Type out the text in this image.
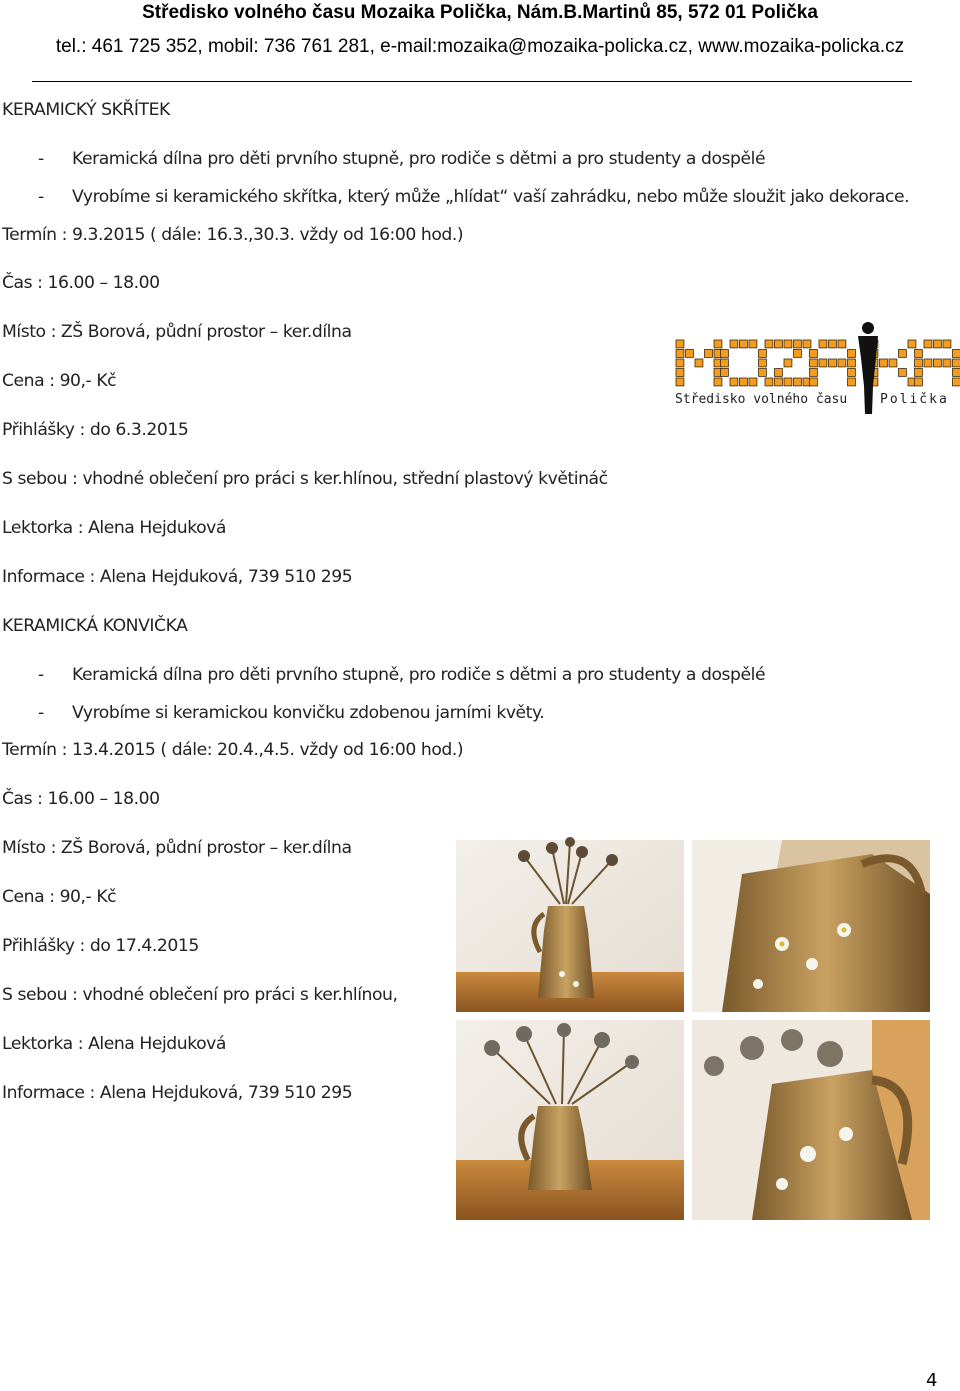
Středisko volného času Mozaika Polička, Nám.B.Martinů 85, 572 01 Polička
tel.: 461 725 352, mobil: 736 761 281, e-mail:mozaika@mozaika-policka.cz, www.mozaika-policka.cz
KERAMICKÝ SKŘÍTEK
- Keramická dílna pro děti prvního stupně, pro rodiče s dětmi a pro studenty a dospělé
- Vyrobíme si keramického skřítka, který může „hlídat“ vaší zahrádku, nebo může sloužit jako dekorace.
Termín : 9.3.2015 ( dále: 16.3.,30.3. vždy od 16:00 hod.)
Čas : 16.00 – 18.00
Místo : ZŠ Borová, půdní prostor – ker.dílna
Cena : 90,- Kč
Přihlášky : do 6.3.2015
S sebou : vhodné oblečení pro práci s ker.hlínou, střední plastový květináč
Lektorka : Alena Hejduková
Informace : Alena Hejduková, 739 510 295
KERAMICKÁ KONVIČKA
- Keramická dílna pro děti prvního stupně, pro rodiče s dětmi a pro studenty a dospělé
- Vyrobíme si keramickou konvičku zdobenou jarními květy.
Termín : 13.4.2015 ( dále: 20.4.,4.5. vždy od 16:00 hod.)
Čas : 16.00 – 18.00
Místo : ZŠ Borová, půdní prostor – ker.dílna
Cena : 90,- Kč
Přihlášky : do 17.4.2015
S sebou : vhodné oblečení pro práci s ker.hlínou,
Lektorka : Alena Hejduková
Informace : Alena Hejduková, 739 510 295
Středisko volného času	Polička
4
